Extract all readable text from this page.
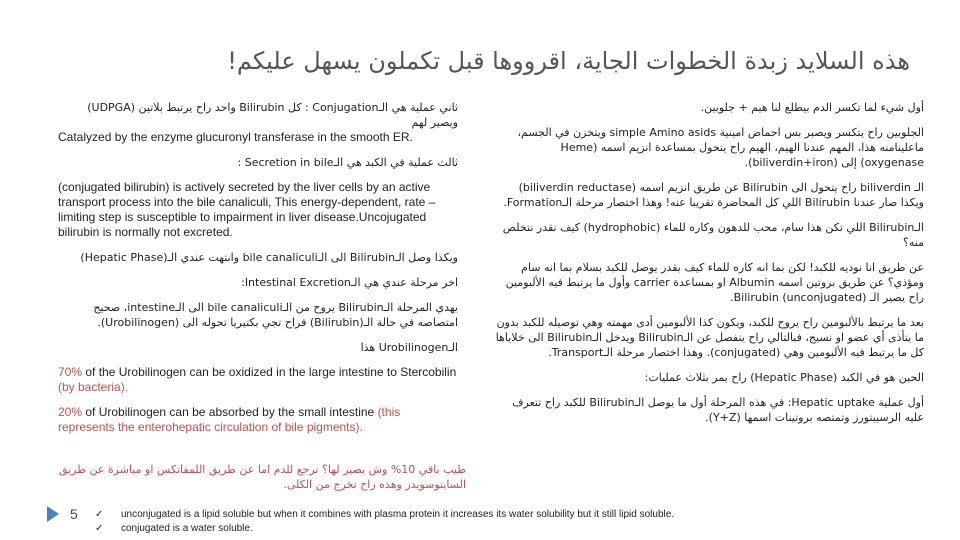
هذه السلايد زبدة الخطوات الجاية، اقرووها قبل تكملون يسهل عليكم!

أول شيء لما تكسر الدم بيطلع لنا هيم + جلوبين.

الجلوبين راح يتكسر ويصير بس احماض امينية simple Amino asids ويتخزن في الجسم، ماعلينامنه هذا، المهم عندنا الهيم، الهيم راح يتحول بمساعدة انزيم اسمه (Heme oxygenase) إلى (biliverdin+iron).

الـ biliverdin راح يتحول الى Bilirubin عن طريق انزيم اسمه (biliverdin reductase) ويكذا صار عندنا Bilirubin اللي كل المحاضرة تقريبا عنه! وهذا اختصار مرحلة الـFormation.

الـBilirubin اللي تكن هذا سام، محب للدهون وكاره للماء (hydrophobic) كيف نقدر نتخلص منه؟

عن طريق انا نوديه للكبد! لكن بما انه كاره للماء كيف بقدر يوصل للكبد بسلام بما انه سام ومؤذي؟ عن طريق بروتين اسمه Albumin او بمساعدة carrier وأول ما يرتبط فيه الألبومين راح يصير الـ Bilirubin (unconjugated).

بعد ما يرتبط بالألبومين راح يروح للكبد، ويكون كذا الألبومين أدى مهمته وهي توصيله للكبد بدون ما يتأذى أي عضو او نسيج، فبالتالي راح ينفصل عن الـBilirubin ويدخل الـBilirubin الى خلاياها كل ما يرتبط فيه الألبومين وهي (conjugated). وهذا اختصار مرحلة الـTransport.

الحين هو في الكبد (Hepatic Phase) راح يمر بثلاث عمليات:

أول عملية Hepatic uptake: في هذه المرحلة أول ما يوصل الـBilirubin للكبد راح تتعرف عليه الرسيبتورز وتمتصه بروتينات اسمها (Y+Z).

ثاني عملية هي الـConjugation : كل Bilirubin واحد راح يرتبط بلاتين (UDPGA) ويصير لهم
Catalyzed by the enzyme glucuronyl transferase in the smooth ER.
ثالث عملية في الكبد هي الـSecretion in bile :
(conjugated bilirubin) is actively secreted by the liver cells by an active transport process into the bile canaliculi, This energy-dependent, rate – limiting step is susceptible to impairment in liver disease.Uncojugated bilirubin is normally not excreted.
ويكذا وصل الـBilirubin الى الـbile canaliculi وانتهت عندي الـ(Hepatic Phase)
اخر مرحلة عندي هي الـIntestinal Excretion:
يهدي المرحلة الـBilirubin يروح من الـbile canaliculi الى الـintestine، صحيح امتصاصه في حالة الـ(Bilirubin) فراح تجي بكتيريا تحوله الى (Urobilinogen).
الـUrobilinogen هذا
70% of the Urobilinogen can be oxidized in the large intestine to Stercobilin (by bacteria).
20% of Urobilinogen can be absorbed by the small intestine (this represents the enterohepatic circulation of bile pigments).
طيب باقي 10% وش يصير لها؟ ترجع للدم اما عن طريق اللمفاتكس او مباشرة عن طريق السايتوسويدز وهذه راح تخرج من الكلى.
5 ✓	unconjugated is a lipid soluble but when it combines with plasma protein it increases its water solubility but it still lipid soluble.
✓	conjugated is a water soluble.
